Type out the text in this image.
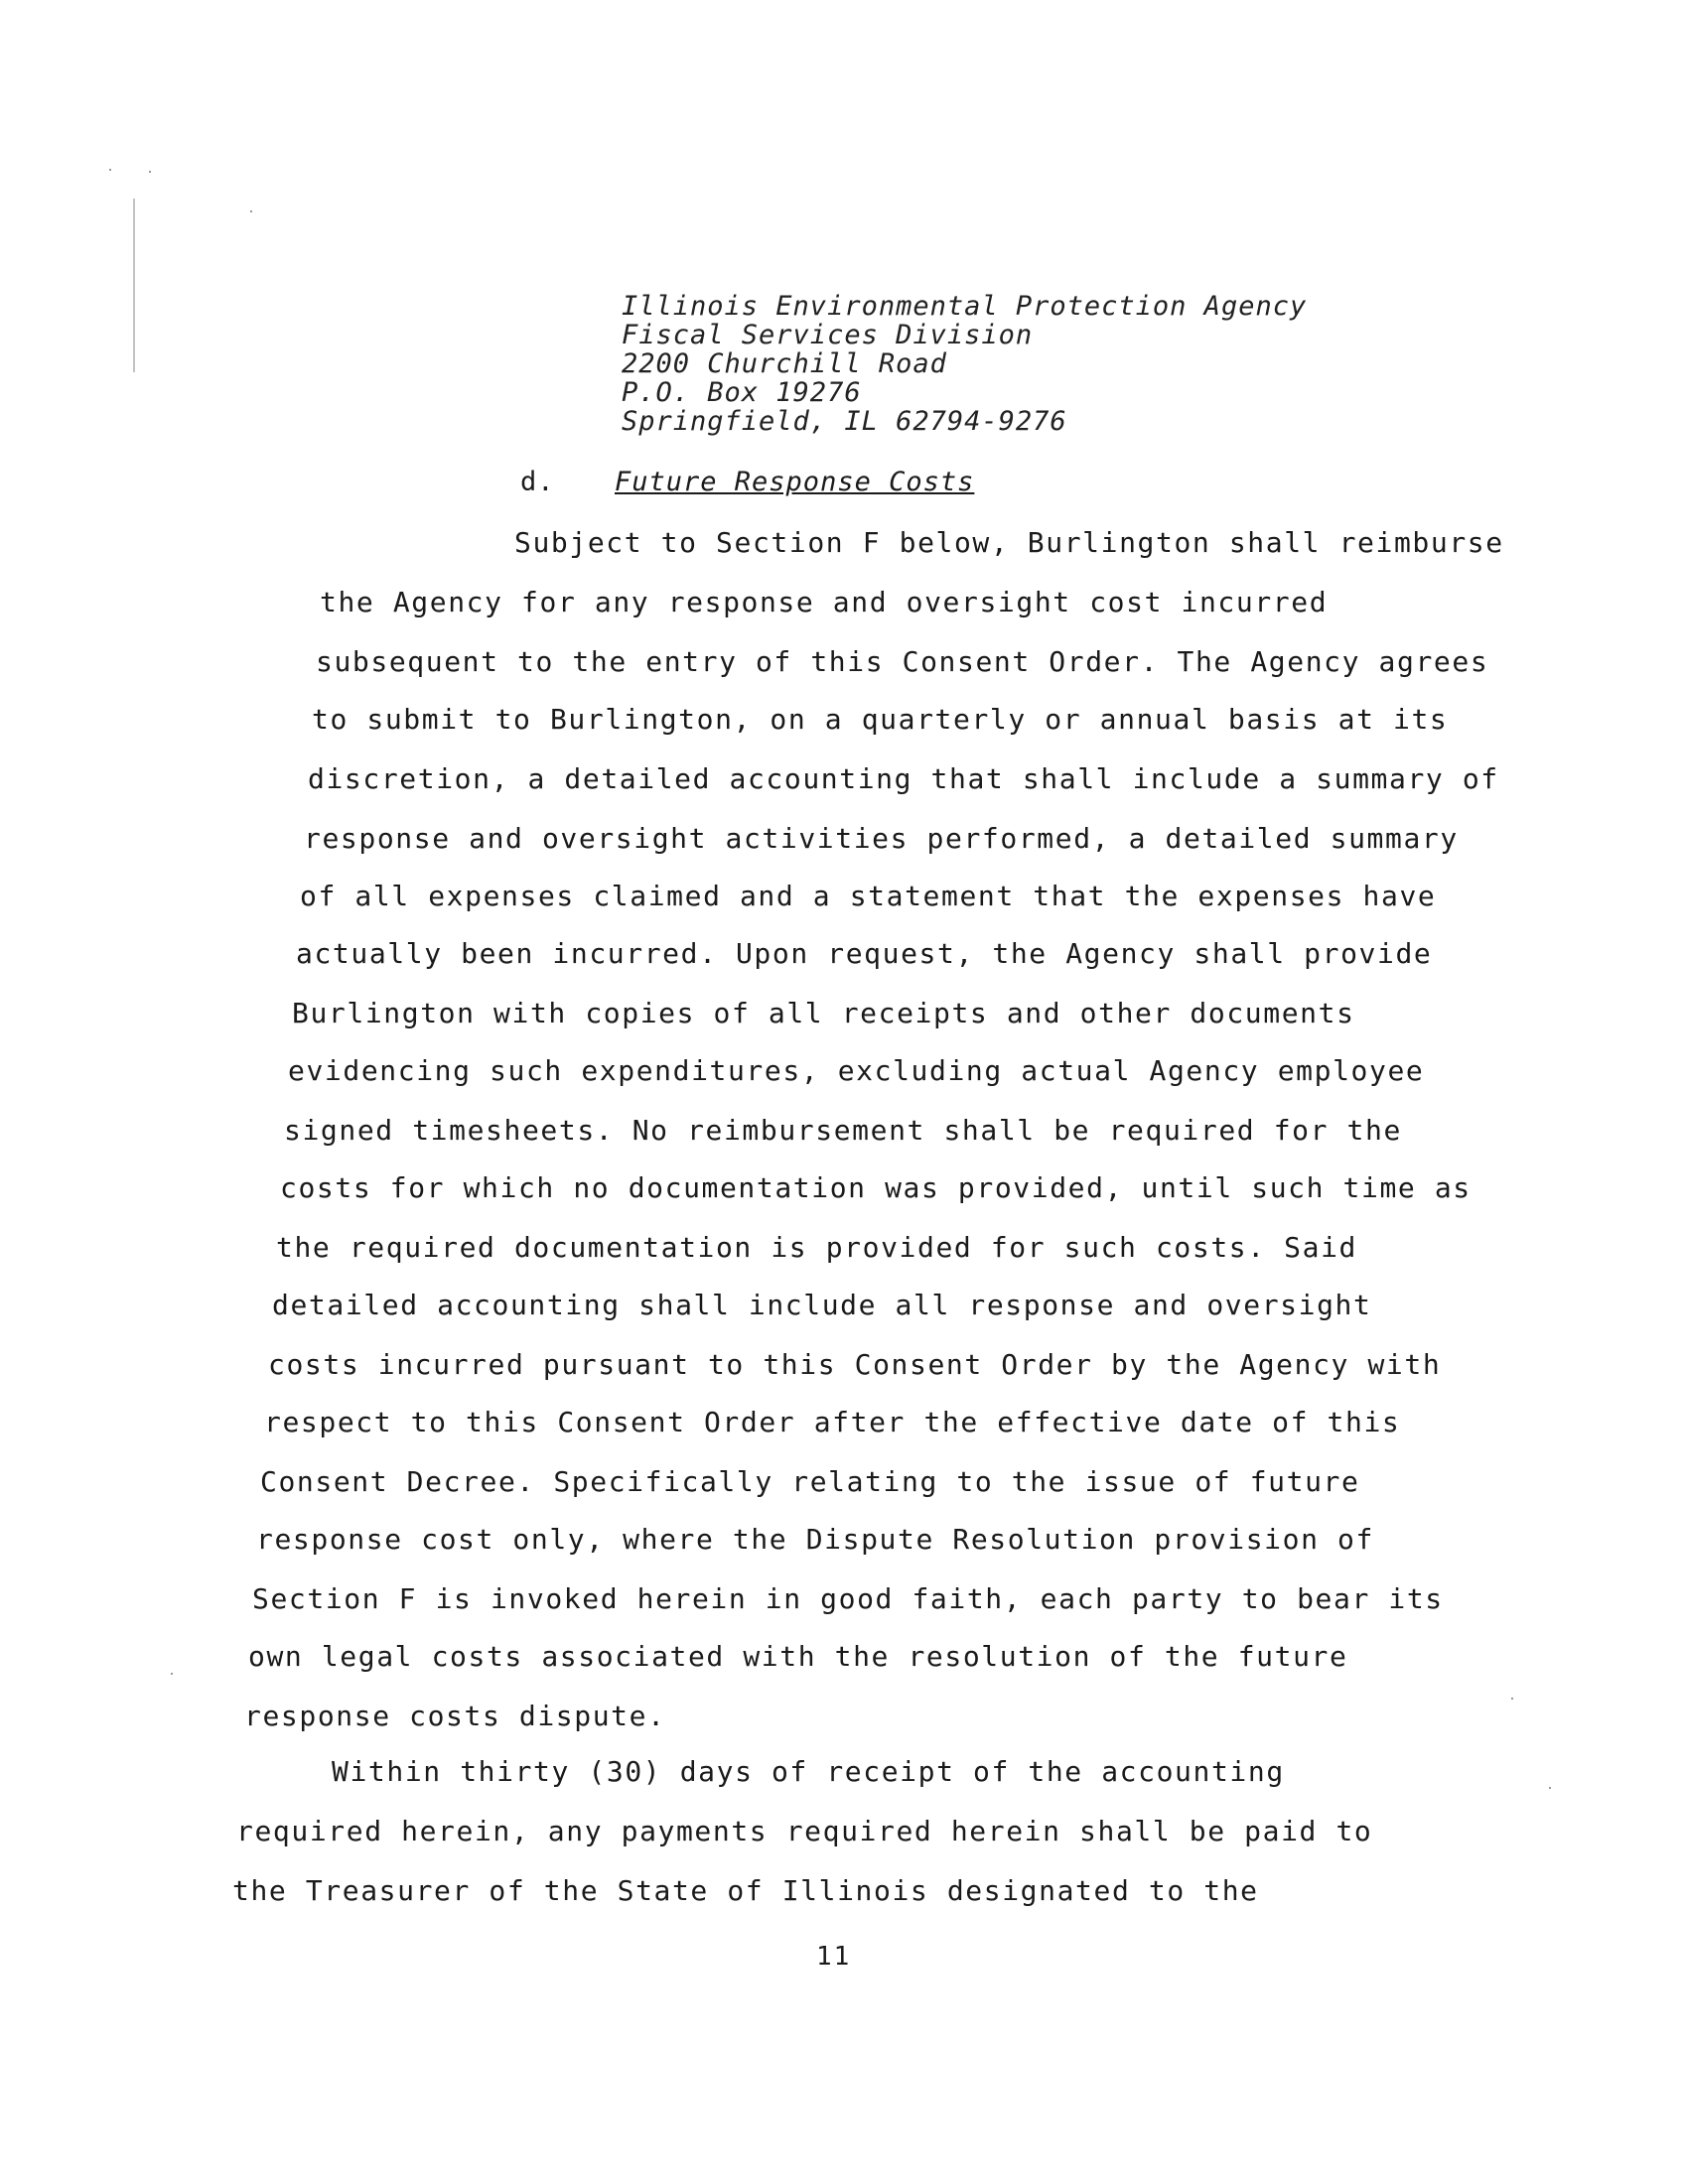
Illinois Environmental Protection Agency
Fiscal Services Division
2200 Churchill Road
P.O. Box 19276
Springfield, IL 62794-9276
d. Future Response Costs
Subject to Section F below, Burlington shall reimburse
the Agency for any response and oversight cost incurred
subsequent to the entry of this Consent Order. The Agency agrees
to submit to Burlington, on a quarterly or annual basis at its
discretion, a detailed accounting that shall include a summary of
response and oversight activities performed, a detailed summary
of all expenses claimed and a statement that the expenses have
actually been incurred. Upon request, the Agency shall provide
Burlington with copies of all receipts and other documents
evidencing such expenditures, excluding actual Agency employee
signed timesheets. No reimbursement shall be required for the
costs for which no documentation was provided, until such time as
the required documentation is provided for such costs. Said
detailed accounting shall include all response and oversight
costs incurred pursuant to this Consent Order by the Agency with
respect to this Consent Order after the effective date of this
Consent Decree. Specifically relating to the issue of future
response cost only, where the Dispute Resolution provision of
Section F is invoked herein in good faith, each party to bear its
own legal costs associated with the resolution of the future
response costs dispute.
Within thirty (30) days of receipt of the accounting
required herein, any payments required herein shall be paid to
the Treasurer of the State of Illinois designated to the
11
